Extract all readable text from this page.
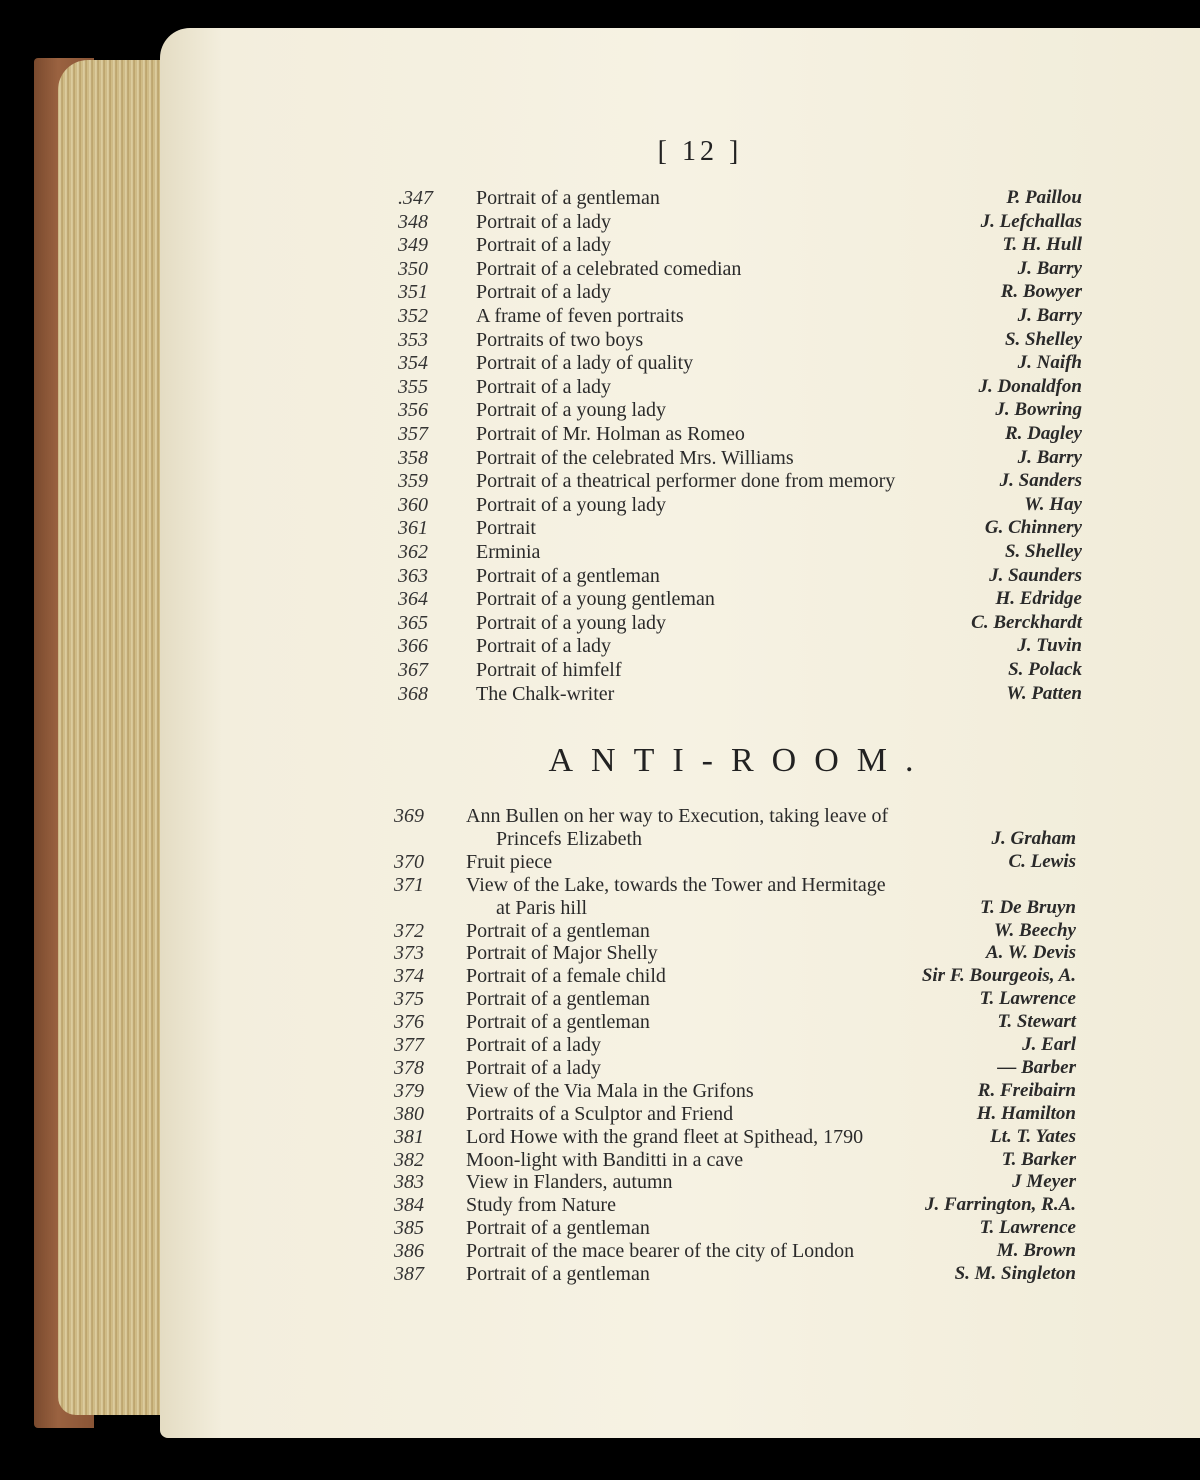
[ 12 ]
.347 Portrait of a gentleman	P. Paillou
348 Portrait of a lady	J. Lefchallas
349 Portrait of a lady	T. H. Hull
350 Portrait of a celebrated comedian	J. Barry
351 Portrait of a lady	R. Bowyer
352 A frame of feven portraits	J. Barry
353 Portraits of two boys	S. Shelley
354 Portrait of a lady of quality	J. Naifh
355 Portrait of a lady	J. Donaldfon
356 Portrait of a young lady	J. Bowring
357 Portrait of Mr. Holman as Romeo	R. Dagley
358 Portrait of the celebrated Mrs. Williams	J. Barry
359 Portrait of a theatrical performer done from memory	J. Sanders
360 Portrait of a young lady	W. Hay
361 Portrait	G. Chinnery
362 Erminia	S. Shelley
363 Portrait of a gentleman	J. Saunders
364 Portrait of a young gentleman	H. Edridge
365 Portrait of a young lady	C. Berckhardt
366 Portrait of a lady	J. Tuvin
367 Portrait of himfelf	S. Polack
368 The Chalk-writer	W. Patten
ANTI-ROOM.
369 Ann Bullen on her way to Execution, taking leave of
Princefs Elizabeth	J. Graham
370 Fruit piece	C. Lewis
371 View of the Lake, towards the Tower and Hermitage
at Paris hill	T. De Bruyn
372 Portrait of a gentleman	W. Beechy
373 Portrait of Major Shelly	A. W. Devis
374 Portrait of a female child	Sir F. Bourgeois, A.
375 Portrait of a gentleman	T. Lawrence
376 Portrait of a gentleman	T. Stewart
377 Portrait of a lady	J. Earl
378 Portrait of a lady	— Barber
379 View of the Via Mala in the Grifons	R. Freibairn
380 Portraits of a Sculptor and Friend	H. Hamilton
381 Lord Howe with the grand fleet at Spithead, 1790	Lt. T. Yates
382 Moon-light with Banditti in a cave	T. Barker
383 View in Flanders, autumn	J Meyer
384 Study from Nature	J. Farrington, R.A.
385 Portrait of a gentleman	T. Lawrence
386 Portrait of the mace bearer of the city of London	M. Brown
387 Portrait of a gentleman	S. M. Singleton
